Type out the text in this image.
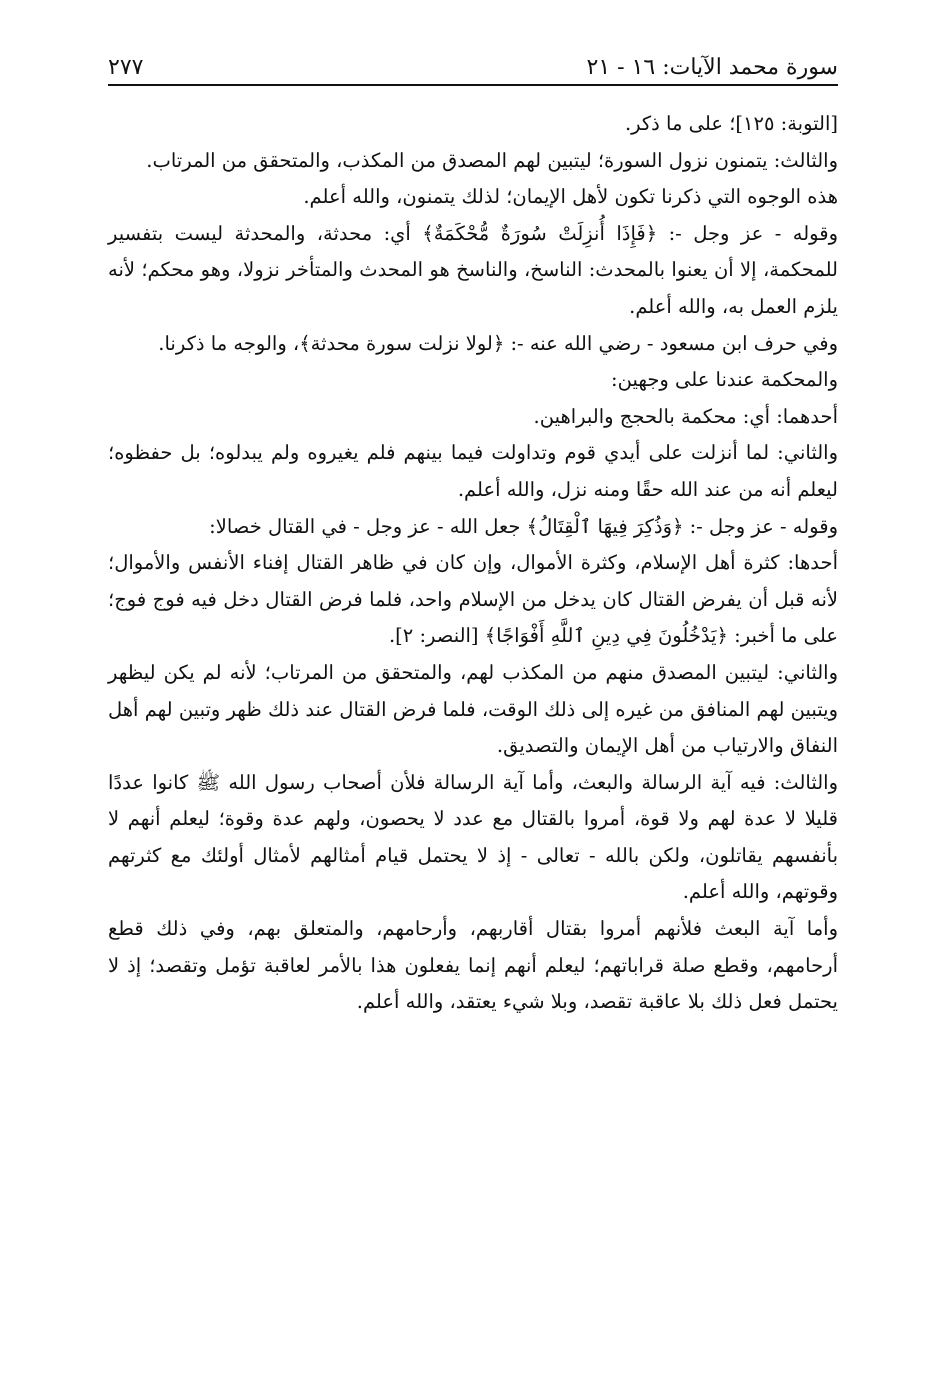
سورة محمد الآيات: ١٦ - ٢١
٢٧٧

[التوبة: ١٢٥]؛ على ما ذكر.

والثالث: يتمنون نزول السورة؛ ليتبين لهم المصدق من المكذب، والمتحقق من المرتاب.

هذه الوجوه التي ذكرنا تكون لأهل الإيمان؛ لذلك يتمنون، والله أعلم.

وقوله - عز وجل -: ﴿فَإِذَا أُنزِلَتْ سُورَةٌ مُّحْكَمَةٌ﴾ أي: محدثة، والمحدثة ليست بتفسير للمحكمة، إلا أن يعنوا بالمحدث: الناسخ، والناسخ هو المحدث والمتأخر نزولا، وهو محكم؛ لأنه يلزم العمل به، والله أعلم.

وفي حرف ابن مسعود - رضي الله عنه -: ﴿لولا نزلت سورة محدثة﴾، والوجه ما ذكرنا.

والمحكمة عندنا على وجهين:

أحدهما: أي: محكمة بالحجج والبراهين.

والثاني: لما أنزلت على أيدي قوم وتداولت فيما بينهم فلم يغيروه ولم يبدلوه؛ بل حفظوه؛ ليعلم أنه من عند الله حقًا ومنه نزل، والله أعلم.

وقوله - عز وجل -: ﴿وَذُكِرَ فِيهَا ٱلْقِتَالُ﴾ جعل الله - عز وجل - في القتال خصالا:

أحدها: كثرة أهل الإسلام، وكثرة الأموال، وإن كان في ظاهر القتال إفناء الأنفس والأموال؛ لأنه قبل أن يفرض القتال كان يدخل من الإسلام واحد، فلما فرض القتال دخل فيه فوج فوج؛ على ما أخبر: ﴿يَدْخُلُونَ فِي دِينِ ٱللَّهِ أَفْوَاجًا﴾ [النصر: ٢].

والثاني: ليتبين المصدق منهم من المكذب لهم، والمتحقق من المرتاب؛ لأنه لم يكن ليظهر ويتبين لهم المنافق من غيره إلى ذلك الوقت، فلما فرض القتال عند ذلك ظهر وتبين لهم أهل النفاق والارتياب من أهل الإيمان والتصديق.

والثالث: فيه آية الرسالة والبعث، وأما آية الرسالة فلأن أصحاب رسول الله ﷺ كانوا عددًا قليلا لا عدة لهم ولا قوة، أمروا بالقتال مع عدد لا يحصون، ولهم عدة وقوة؛ ليعلم أنهم لا بأنفسهم يقاتلون، ولكن بالله - تعالى - إذ لا يحتمل قيام أمثالهم لأمثال أولئك مع كثرتهم وقوتهم، والله أعلم.

وأما آية البعث فلأنهم أمروا بقتال أقاربهم، وأرحامهم، والمتعلق بهم، وفي ذلك قطع أرحامهم، وقطع صلة قراباتهم؛ ليعلم أنهم إنما يفعلون هذا بالأمر لعاقبة تؤمل وتقصد؛ إذ لا يحتمل فعل ذلك بلا عاقبة تقصد، وبلا شيء يعتقد، والله أعلم.
